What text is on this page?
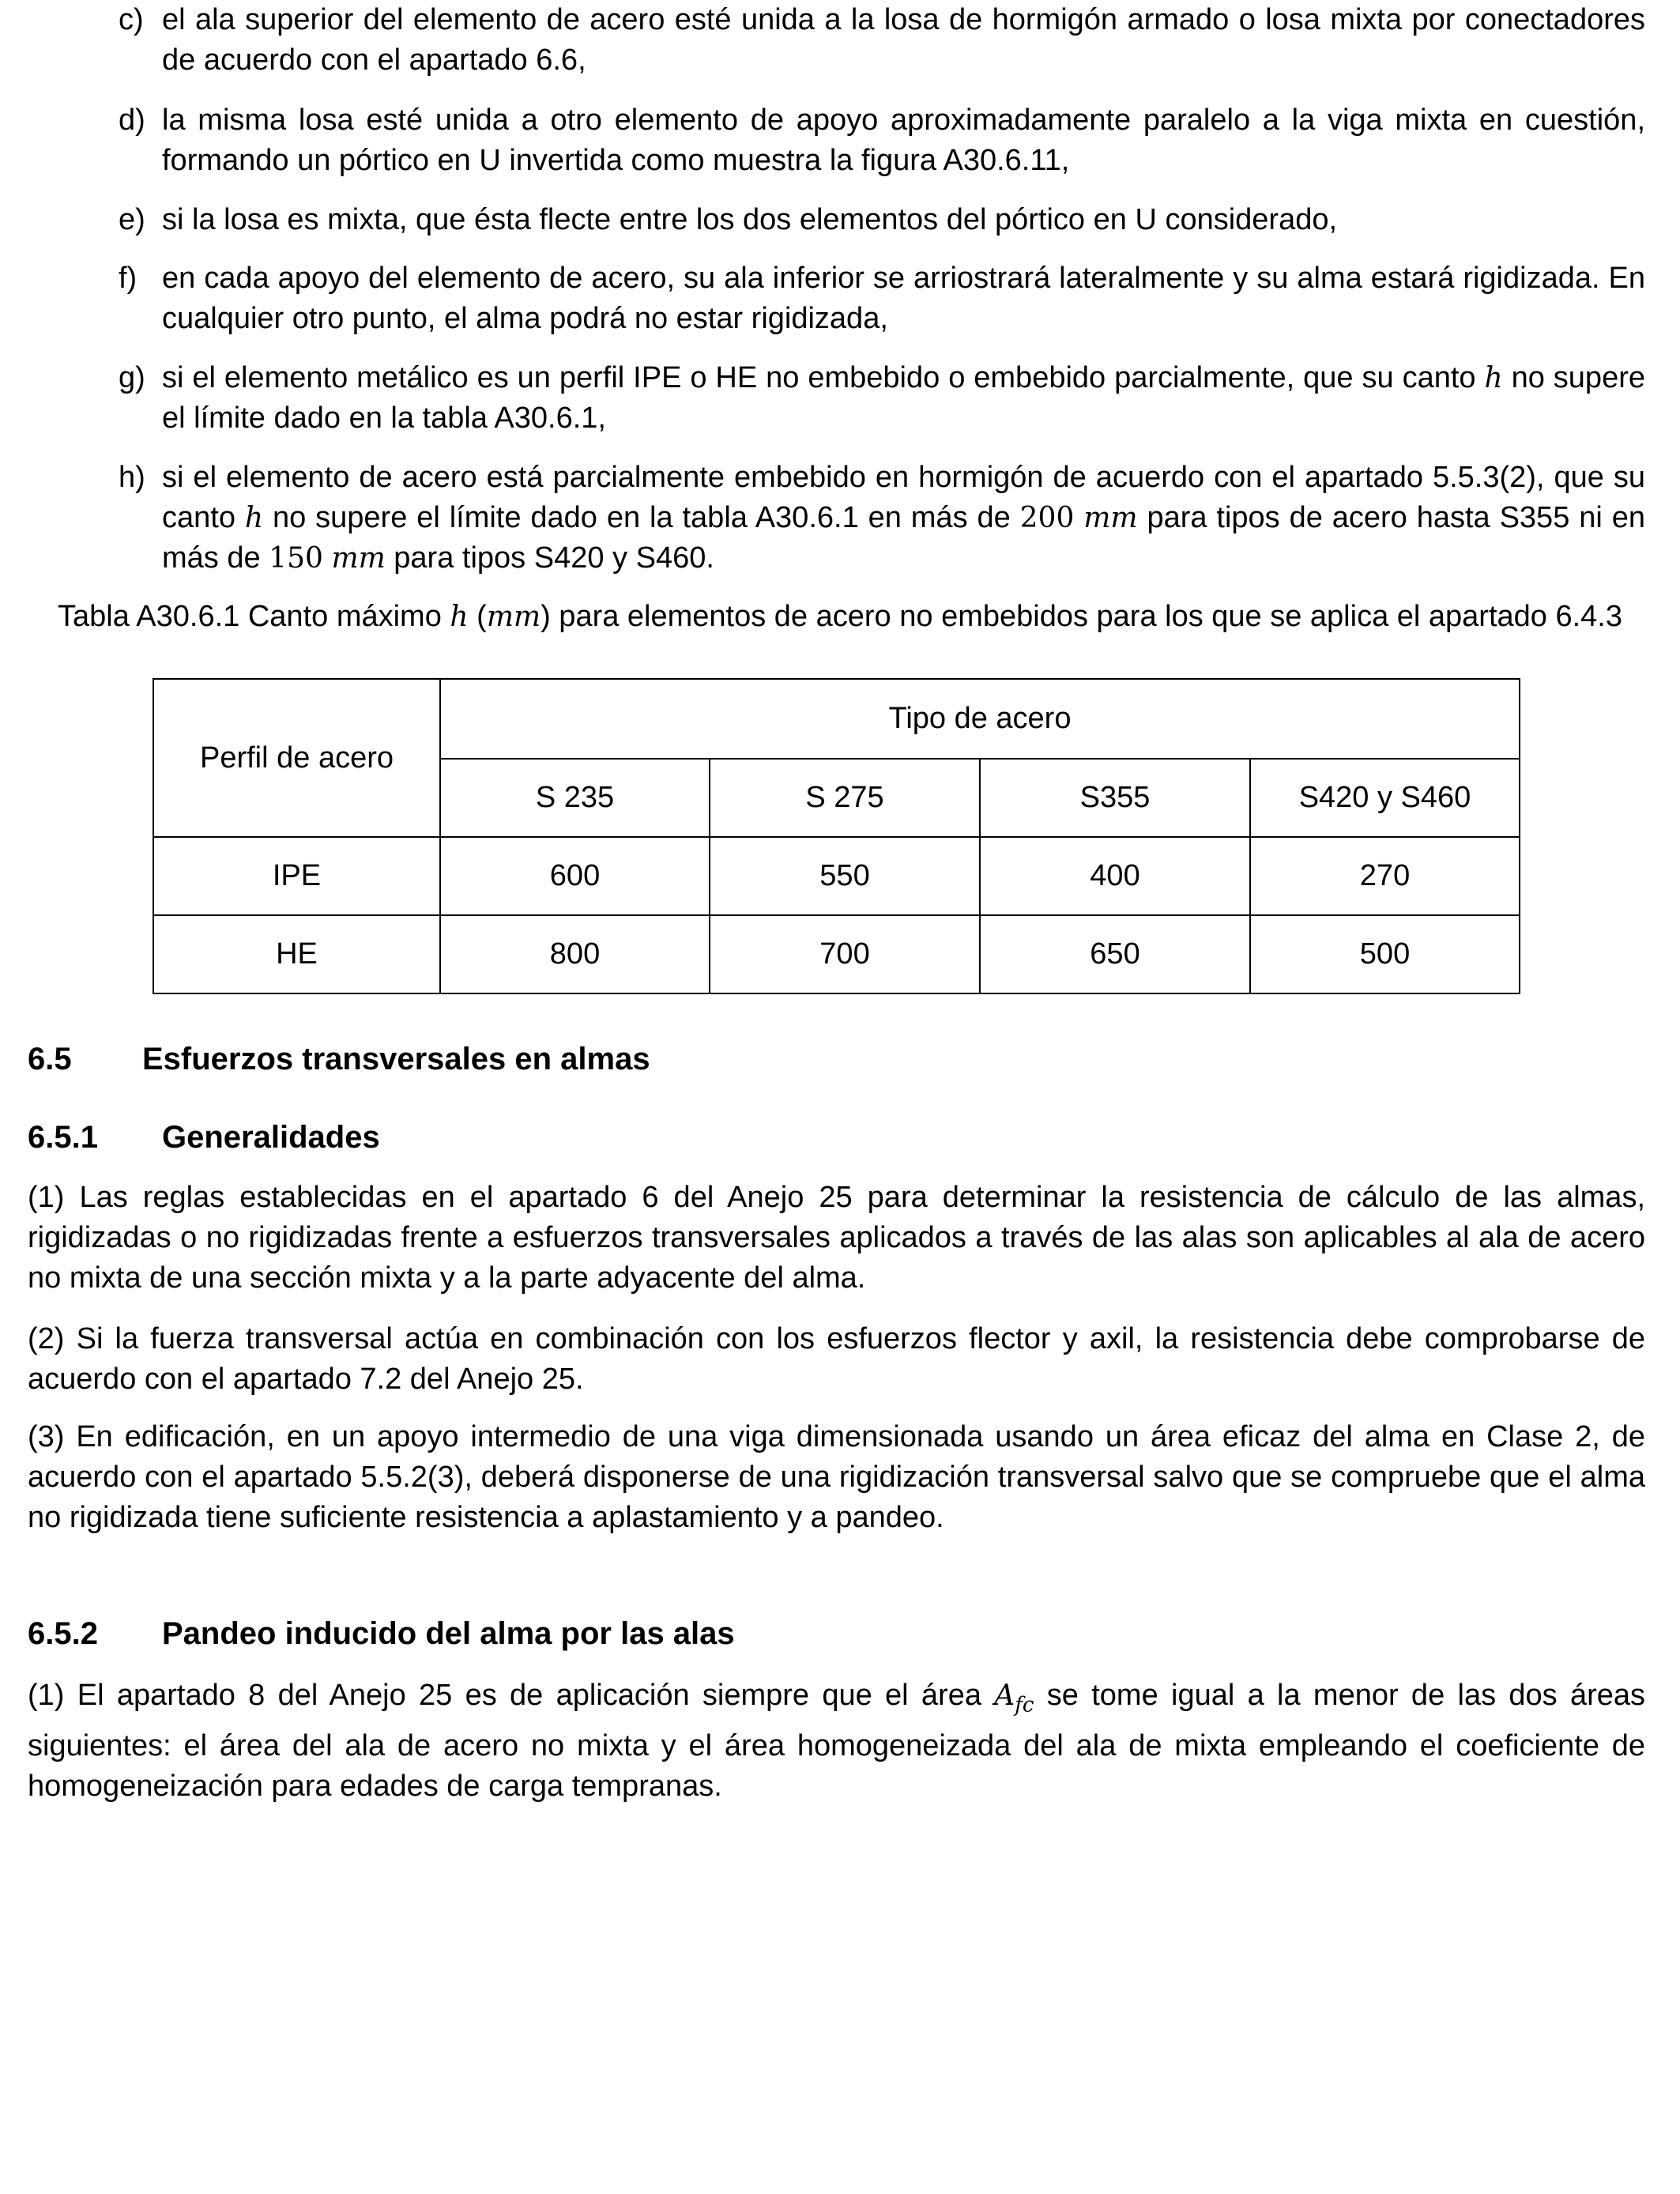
c) el ala superior del elemento de acero esté unida a la losa de hormigón armado o losa mixta por conectadores de acuerdo con el apartado 6.6,
d) la misma losa esté unida a otro elemento de apoyo aproximadamente paralelo a la viga mixta en cuestión, formando un pórtico en U invertida como muestra la figura A30.6.11,
e) si la losa es mixta, que ésta flecte entre los dos elementos del pórtico en U considerado,
f) en cada apoyo del elemento de acero, su ala inferior se arriostrará lateralmente y su alma estará rigidizada. En cualquier otro punto, el alma podrá no estar rigidizada,
g) si el elemento metálico es un perfil IPE o HE no embebido o embebido parcialmente, que su canto h no supere el límite dado en la tabla A30.6.1,
h) si el elemento de acero está parcialmente embebido en hormigón de acuerdo con el apartado 5.5.3(2), que su canto h no supere el límite dado en la tabla A30.6.1 en más de 200 mm para tipos de acero hasta S355 ni en más de 150 mm para tipos S420 y S460.
Tabla A30.6.1 Canto máximo h (mm) para elementos de acero no embebidos para los que se aplica el apartado 6.4.3
Perfil de acero	Tipo de acero			
	S 235	S 275	S355	S420 y S460
IPE	600	550	400	270
HE	800	700	650	500
6.5 Esfuerzos transversales en almas
6.5.1 Generalidades
(1) Las reglas establecidas en el apartado 6 del Anejo 25 para determinar la resistencia de cálculo de las almas, rigidizadas o no rigidizadas frente a esfuerzos transversales aplicados a través de las alas son aplicables al ala de acero no mixta de una sección mixta y a la parte adyacente del alma.
(2) Si la fuerza transversal actúa en combinación con los esfuerzos flector y axil, la resistencia debe comprobarse de acuerdo con el apartado 7.2 del Anejo 25.
(3) En edificación, en un apoyo intermedio de una viga dimensionada usando un área eficaz del alma en Clase 2, de acuerdo con el apartado 5.5.2(3), deberá disponerse de una rigidización transversal salvo que se compruebe que el alma no rigidizada tiene suficiente resistencia a aplastamiento y a pandeo.
6.5.2 Pandeo inducido del alma por las alas
(1) El apartado 8 del Anejo 25 es de aplicación siempre que el área $A_{fc}$ se tome igual a la menor de las dos áreas siguientes: el área del ala de acero no mixta y el área homogeneizada del ala de mixta empleando el coeficiente de homogeneización para edades de carga tempranas.
